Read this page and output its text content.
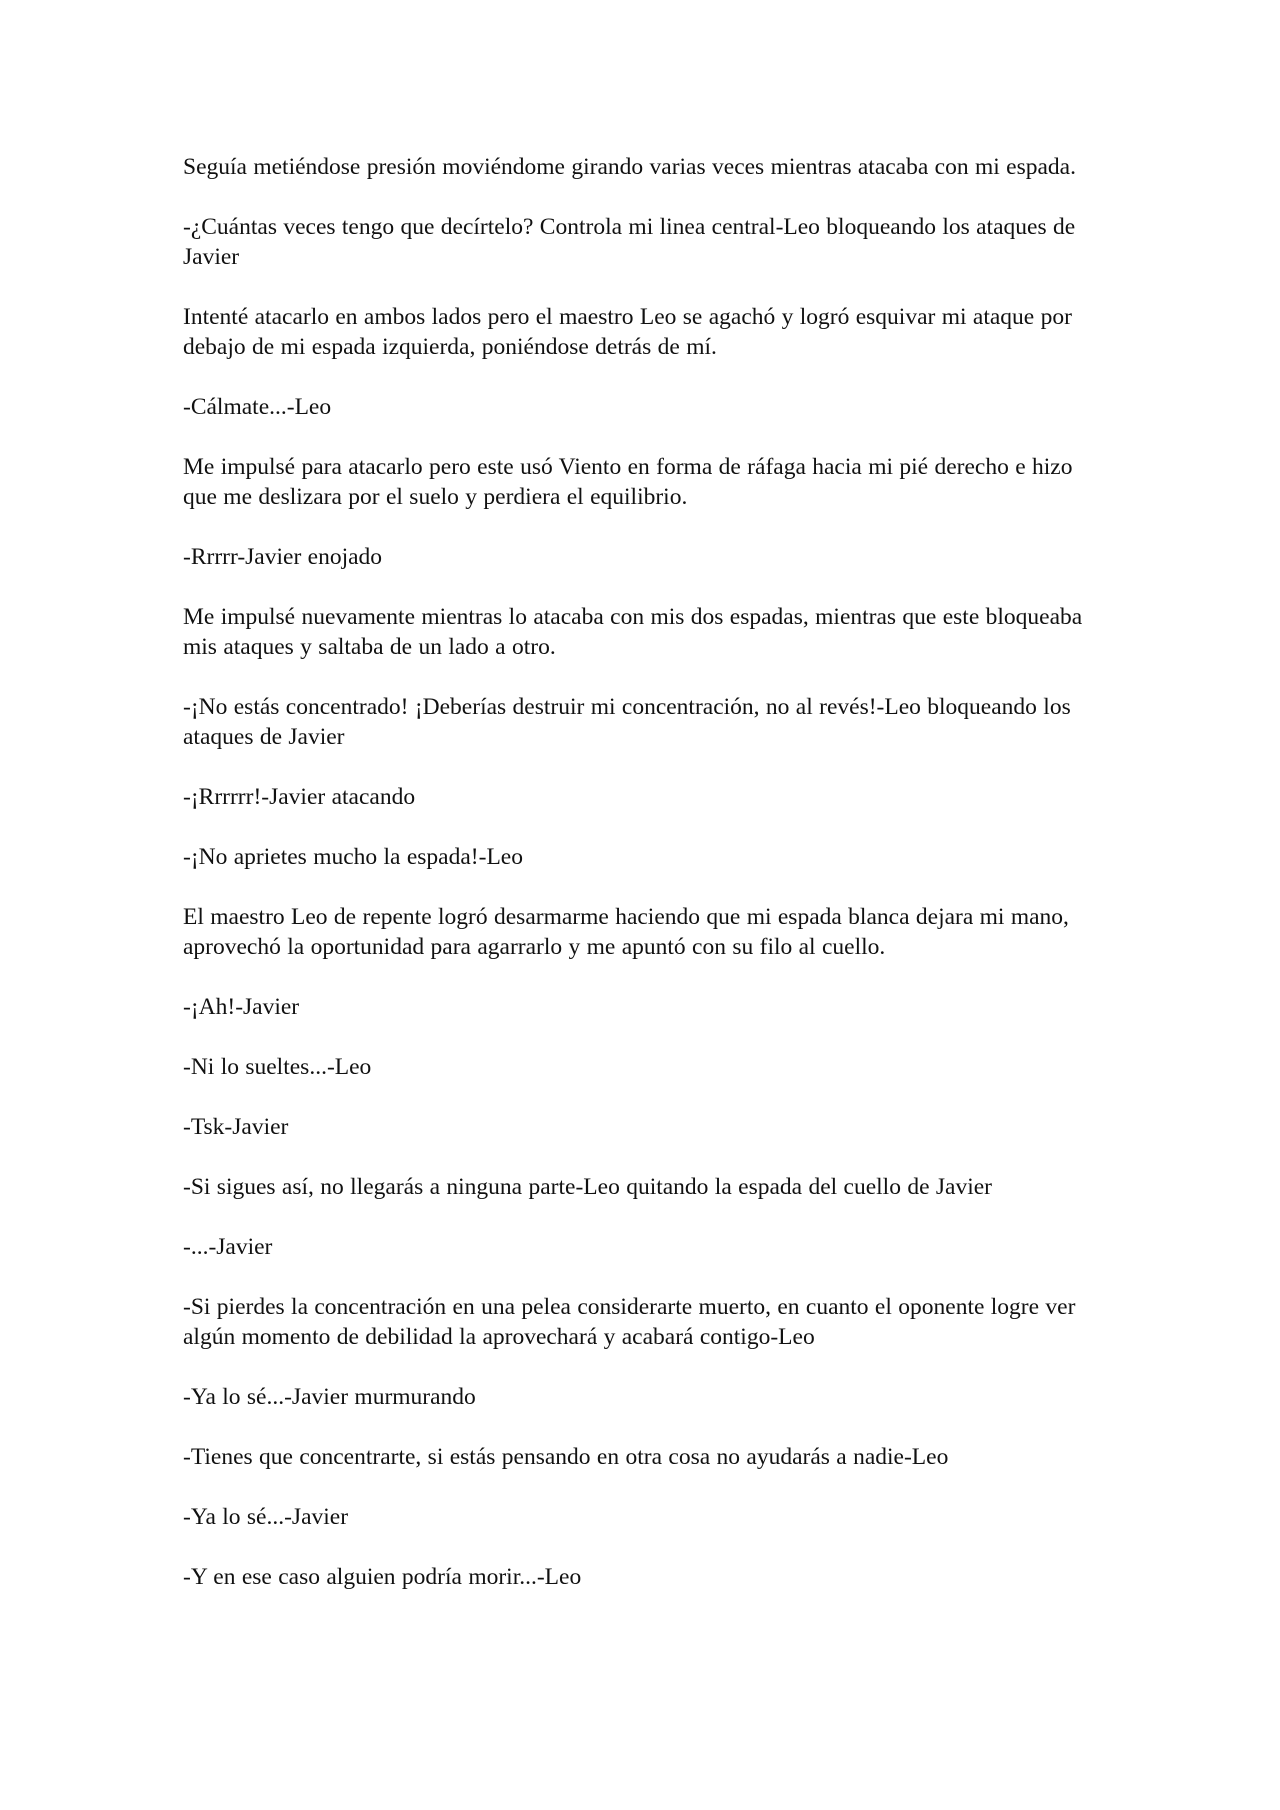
Seguía metiéndose presión moviéndome girando varias veces mientras atacaba con mi espada.

-¿Cuántas veces tengo que decírtelo? Controla mi linea central-Leo bloqueando los ataques de Javier

Intenté atacarlo en ambos lados pero el maestro Leo se agachó y logró esquivar mi ataque por debajo de mi espada izquierda, poniéndose detrás de mí.

-Cálmate...-Leo

Me impulsé para atacarlo pero este usó Viento en forma de ráfaga hacia mi pié derecho e hizo que me deslizara por el suelo y perdiera el equilibrio.

-Rrrrr-Javier enojado

Me impulsé nuevamente mientras lo atacaba con mis dos espadas, mientras que este bloqueaba mis ataques y saltaba de un lado a otro.

-¡No estás concentrado! ¡Deberías destruir mi concentración, no al revés!-Leo bloqueando los ataques de Javier

-¡Rrrrrr!-Javier atacando

-¡No aprietes mucho la espada!-Leo

El maestro Leo de repente logró desarmarme haciendo que mi espada blanca dejara mi mano, aprovechó la oportunidad para agarrarlo y me apuntó con su filo al cuello.

-¡Ah!-Javier

-Ni lo sueltes...-Leo

-Tsk-Javier

-Si sigues así, no llegarás a ninguna parte-Leo quitando la espada del cuello de Javier

-...-Javier

-Si pierdes la concentración en una pelea considerarte muerto, en cuanto el oponente logre ver algún momento de debilidad la aprovechará y acabará contigo-Leo

-Ya lo sé...-Javier murmurando

-Tienes que concentrarte, si estás pensando en otra cosa no ayudarás a nadie-Leo

-Ya lo sé...-Javier

-Y en ese caso alguien podría morir...-Leo
